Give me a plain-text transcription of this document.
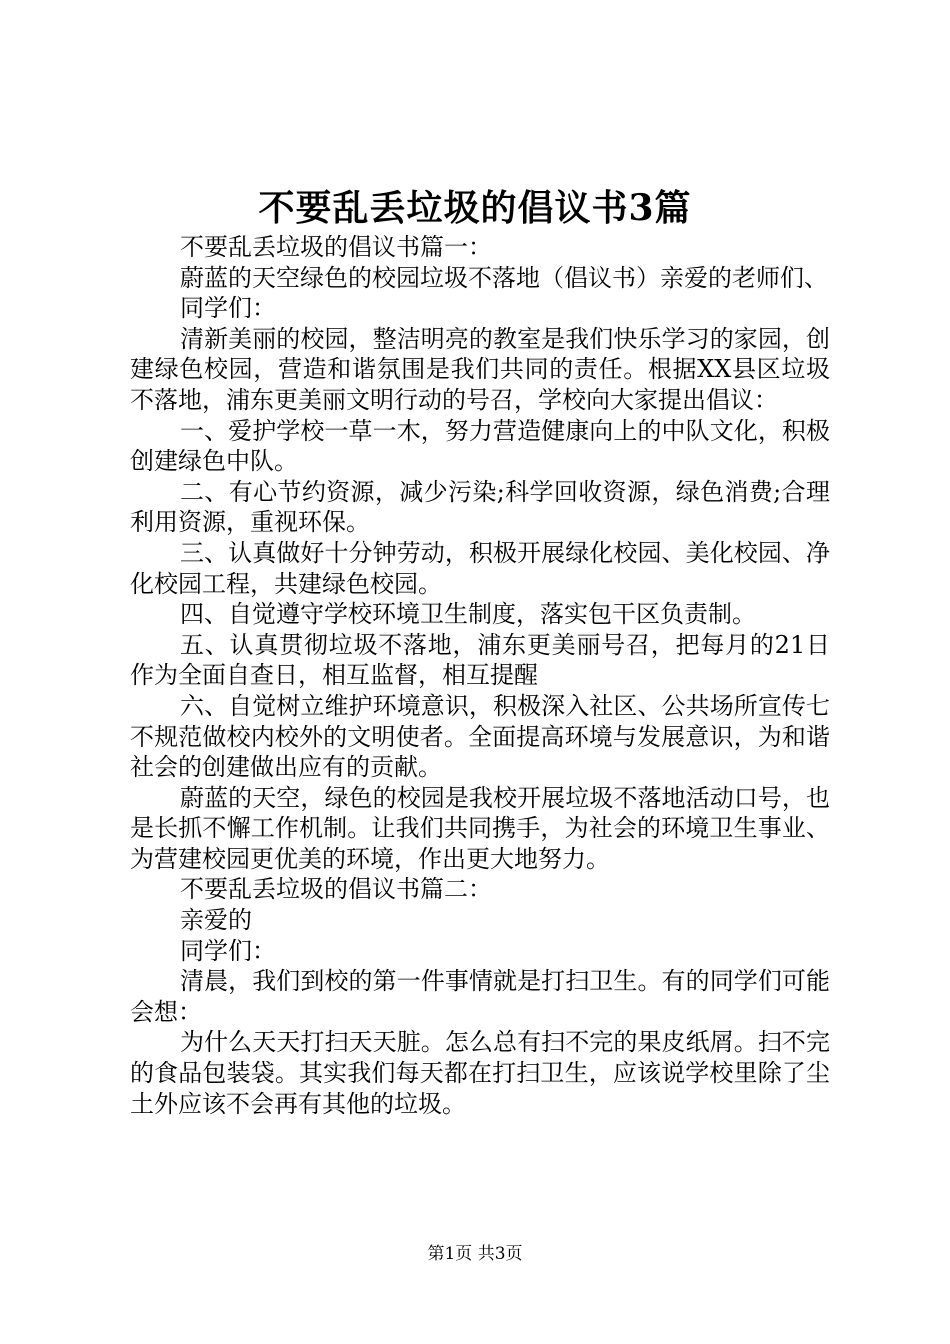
不要乱丢垃圾的倡议书3篇

不要乱丢垃圾的倡议书篇一：

蔚蓝的天空绿色的校园垃圾不落地（倡议书）亲爱的老师们、

同学们：

清新美丽的校园，整洁明亮的教室是我们快乐学习的家园，创建绿色校园，营造和谐氛围是我们共同的责任。根据XX县区垃圾不落地，浦东更美丽文明行动的号召，学校向大家提出倡议：

一、爱护学校一草一木，努力营造健康向上的中队文化，积极创建绿色中队。

二、有心节约资源，减少污染;科学回收资源，绿色消费;合理利用资源，重视环保。

三、认真做好十分钟劳动，积极开展绿化校园、美化校园、净化校园工程，共建绿色校园。

四、自觉遵守学校环境卫生制度，落实包干区负责制。

五、认真贯彻垃圾不落地，浦东更美丽号召，把每月的21日作为全面自查日，相互监督，相互提醒

六、自觉树立维护环境意识，积极深入社区、公共场所宣传七不规范做校内校外的文明使者。全面提高环境与发展意识，为和谐社会的创建做出应有的贡献。

蔚蓝的天空，绿色的校园是我校开展垃圾不落地活动口号，也是长抓不懈工作机制。让我们共同携手，为社会的环境卫生事业、为营建校园更优美的环境，作出更大地努力。

不要乱丢垃圾的倡议书篇二：

亲爱的

同学们：

清晨，我们到校的第一件事情就是打扫卫生。有的同学们可能会想：

为什么天天打扫天天脏。怎么总有扫不完的果皮纸屑。扫不完的食品包装袋。其实我们每天都在打扫卫生，应该说学校里除了尘土外应该不会再有其他的垃圾。

第1页 共3页
